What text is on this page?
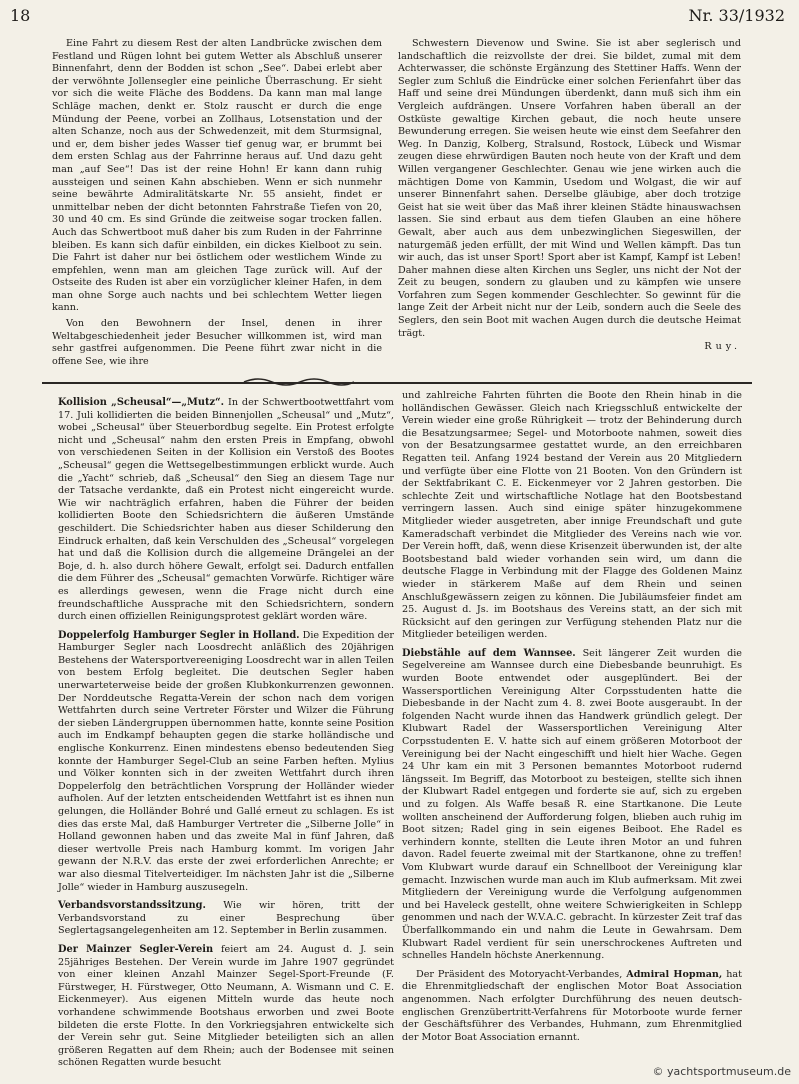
18	Nr. 33/1932

Eine Fahrt zu diesem Rest der alten Landbrücke zwischen dem Festland und Rügen lohnt bei gutem Wetter als Abschluß unserer Binnenfahrt, denn der Bodden ist schon „See“. Dabei erlebt aber der verwöhnte Jollensegler eine peinliche Überraschung. Er sieht vor sich die weite Fläche des Boddens. Da kann man mal lange Schläge machen, denkt er. Stolz rauscht er durch die enge Mündung der Peene, vorbei an Zollhaus, Lotsenstation und der alten Schanze, noch aus der Schwedenzeit, mit dem Sturmsignal, und er, dem bisher jedes Wasser tief genug war, er brummt bei dem ersten Schlag aus der Fahrrinne heraus auf. Und dazu geht man „auf See“! Das ist der reine Hohn! Er kann dann ruhig aussteigen und seinen Kahn abschieben. Wenn er sich nunmehr seine bewährte Admiralitätskarte Nr. 55 ansieht, findet er unmittelbar neben der dicht betonnten Fahrstraße Tiefen von 20, 30 und 40 cm. Es sind Gründe die zeitweise sogar trocken fallen. Auch das Schwertboot muß daher bis zum Ruden in der Fahrrinne bleiben. Es kann sich dafür einbilden, ein dickes Kielboot zu sein. Die Fahrt ist daher nur bei östlichem oder westlichem Winde zu empfehlen, wenn man am gleichen Tage zurück will. Auf der Ostseite des Ruden ist aber ein vorzüglicher kleiner Hafen, in dem man ohne Sorge auch nachts und bei schlechtem Wetter liegen kann.

Von den Bewohnern der Insel, denen in ihrer Weltabgeschiedenheit jeder Besucher willkommen ist, wird man sehr gastfrei aufgenommen. Die Peene führt zwar nicht in die offene See, wie ihre

Schwestern Dievenow und Swine. Sie ist aber seglerisch und landschaftlich die reizvollste der drei. Sie bildet, zumal mit dem Achterwasser, die schönste Ergänzung des Stettiner Haffs. Wenn der Segler zum Schluß die Eindrücke einer solchen Ferienfahrt über das Haff und seine drei Mündungen überdenkt, dann muß sich ihm ein Vergleich aufdrängen. Unsere Vorfahren haben überall an der Ostküste gewaltige Kirchen gebaut, die noch heute unsere Bewunderung erregen. Sie weisen heute wie einst dem Seefahrer den Weg. In Danzig, Kolberg, Stralsund, Rostock, Lübeck und Wismar zeugen diese ehrwürdigen Bauten noch heute von der Kraft und dem Willen vergangener Geschlechter. Genau wie jene wirken auch die mächtigen Dome von Kammin, Usedom und Wolgast, die wir auf unserer Binnenfahrt sahen. Derselbe gläubige, aber doch trotzige Geist hat sie weit über das Maß ihrer kleinen Städte hinauswachsen lassen. Sie sind erbaut aus dem tiefen Glauben an eine höhere Gewalt, aber auch aus dem unbezwinglichen Siegeswillen, der naturgemäß jeden erfüllt, der mit Wind und Wellen kämpft. Das tun wir auch, das ist unser Sport! Sport aber ist Kampf, Kampf ist Leben! Daher mahnen diese alten Kirchen uns Segler, uns nicht der Not der Zeit zu beugen, sondern zu glauben und zu kämpfen wie unsere Vorfahren zum Segen kommender Geschlechter. So gewinnt für die lange Zeit der Arbeit nicht nur der Leib, sondern auch die Seele des Seglers, den sein Boot mit wachen Augen durch die deutsche Heimat trägt.

Ruy.

Kollision „Scheusal“—„Mutz“. In der Schwertbootwettfahrt vom 17. Juli kollidierten die beiden Binnenjollen „Scheusal“ und „Mutz“, wobei „Scheusal“ über Steuerbordbug segelte. Ein Protest erfolgte nicht und „Scheusal“ nahm den ersten Preis in Empfang, obwohl von verschiedenen Seiten in der Kollision ein Verstoß des Bootes „Scheusal“ gegen die Wettsegelbestimmungen erblickt wurde. Auch die „Yacht“ schrieb, daß „Scheusal“ den Sieg an diesem Tage nur der Tatsache verdankte, daß ein Protest nicht eingereicht wurde. Wie wir nachträglich erfahren, haben die Führer der beiden kollidierten Boote den Schiedsrichtern die äußeren Umstände geschildert. Die Schiedsrichter haben aus dieser Schilderung den Eindruck erhalten, daß kein Verschulden des „Scheusal“ vorgelegen hat und daß die Kollision durch die allgemeine Drängelei an der Boje, d. h. also durch höhere Gewalt, erfolgt sei. Dadurch entfallen die dem Führer des „Scheusal“ gemachten Vorwürfe. Richtiger wäre es allerdings gewesen, wenn die Frage nicht durch eine freundschaftliche Aussprache mit den Schiedsrichtern, sondern durch einen offiziellen Reinigungsprotest geklärt worden wäre.

Doppelerfolg Hamburger Segler in Holland. Die Expedition der Hamburger Segler nach Loosdrecht anläßlich des 20jährigen Bestehens der Watersportvereeniging Loosdrecht war in allen Teilen von bestem Erfolg begleitet. Die deutschen Segler haben unerwarteterweise beide der großen Klubkonkurrenzen gewonnen. Der Norddeutsche Regatta-Verein der schon nach dem vorigen Wettfahrten durch seine Vertreter Förster und Wilzer die Führung der sieben Ländergruppen übernommen hatte, konnte seine Position auch im Endkampf behaupten gegen die starke holländische und englische Konkurrenz. Einen mindestens ebenso bedeutenden Sieg konnte der Hamburger Segel-Club an seine Farben heften. Mylius und Völker konnten sich in der zweiten Wettfahrt durch ihren Doppelerfolg den beträchtlichen Vorsprung der Holländer wieder aufholen. Auf der letzten entscheidenden Wettfahrt ist es ihnen nun gelungen, die Holländer Bohré und Gallé erneut zu schlagen. Es ist dies das erste Mal, daß Hamburger Vertreter die „Silberne Jolle“ in Holland gewonnen haben und das zweite Mal in fünf Jahren, daß dieser wertvolle Preis nach Hamburg kommt. Im vorigen Jahr gewann der N.R.V. das erste der zwei erforderlichen Anrechte; er war also diesmal Titelverteidiger. Im nächsten Jahr ist die „Silberne Jolle“ wieder in Hamburg auszusegeln.

Verbandsvorstandssitzung. Wie wir hören, tritt der Verbandsvorstand zu einer Besprechung über Seglertagsangelegenheiten am 12. September in Berlin zusammen.

Der Mainzer Segler-Verein feiert am 24. August d. J. sein 25jähriges Bestehen. Der Verein wurde im Jahre 1907 gegründet von einer kleinen Anzahl Mainzer Segel-Sport-Freunde (F. Fürstweger, H. Fürstweger, Otto Neumann, A. Wismann und C. E. Eickenmeyer). Aus eigenen Mitteln wurde das heute noch vorhandene schwimmende Bootshaus erworben und zwei Boote bildeten die erste Flotte. In den Vorkriegsjahren entwickelte sich der Verein sehr gut. Seine Mitglieder beteiligten sich an allen größeren Regatten auf dem Rhein; auch der Bodensee mit seinen schönen Regatten wurde besucht

und zahlreiche Fahrten führten die Boote den Rhein hinab in die holländischen Gewässer. Gleich nach Kriegsschluß entwickelte der Verein wieder eine große Rührigkeit — trotz der Behinderung durch die Besatzungsarmee; Segel- und Motorboote nahmen, soweit dies von der Besatzungsarmee gestattet wurde, an den erreichbaren Regatten teil. Anfang 1924 bestand der Verein aus 20 Mitgliedern und verfügte über eine Flotte von 21 Booten. Von den Gründern ist der Sektfabrikant C. E. Eickenmeyer vor 2 Jahren gestorben. Die schlechte Zeit und wirtschaftliche Notlage hat den Bootsbestand verringern lassen. Auch sind einige später hinzugekommene Mitglieder wieder ausgetreten, aber innige Freundschaft und gute Kameradschaft verbindet die Mitglieder des Vereins nach wie vor. Der Verein hofft, daß, wenn diese Krisenzeit überwunden ist, der alte Bootsbestand bald wieder vorhanden sein wird, um dann die deutsche Flagge in Verbindung mit der Flagge des Goldenen Mainz wieder in stärkerem Maße auf dem Rhein und seinen Anschlußgewässern zeigen zu können. Die Jubiläumsfeier findet am 25. August d. Js. im Bootshaus des Vereins statt, an der sich mit Rücksicht auf den geringen zur Verfügung stehenden Platz nur die Mitglieder beteiligen werden.

Diebstähle auf dem Wannsee. Seit längerer Zeit wurden die Segelvereine am Wannsee durch eine Diebesbande beunruhigt. Es wurden Boote entwendet oder ausgeplündert. Bei der Wassersportlichen Vereinigung Alter Corpsstudenten hatte die Diebesbande in der Nacht zum 4. 8. zwei Boote ausgeraubt. In der folgenden Nacht wurde ihnen das Handwerk gründlich gelegt. Der Klubwart Radel der Wassersportlichen Vereinigung Alter Corpsstudenten E. V. hatte sich auf einem größeren Motorboot der Vereinigung bei der Nacht eingeschifft und hielt hier Wache. Gegen 24 Uhr kam ein mit 3 Personen bemanntes Motorboot rudernd längsseit. Im Begriff, das Motorboot zu besteigen, stellte sich ihnen der Klubwart Radel entgegen und forderte sie auf, sich zu ergeben und zu folgen. Als Waffe besaß R. eine Startkanone. Die Leute wollten anscheinend der Aufforderung folgen, blieben auch ruhig im Boot sitzen; Radel ging in sein eigenes Beiboot. Ehe Radel es verhindern konnte, stellten die Leute ihren Motor an und fuhren davon. Radel feuerte zweimal mit der Startkanone, ohne zu treffen! Vom Klubwart wurde darauf ein Schnellboot der Vereinigung klar gemacht. Inzwischen wurde man auch im Klub aufmerksam. Mit zwei Mitgliedern der Vereinigung wurde die Verfolgung aufgenommen und bei Haveleck gestellt, ohne weitere Schwierigkeiten in Schlepp genommen und nach der W.V.A.C. gebracht. In kürzester Zeit traf das Überfallkommando ein und nahm die Leute in Gewahrsam. Dem Klubwart Radel verdient für sein unerschrockenes Auftreten und schnelles Handeln höchste Anerkennung.

Der Präsident des Motoryacht-Verbandes, Admiral Hopman, hat die Ehrenmitgliedschaft der englischen Motor Boat Association angenommen. Nach erfolgter Durchführung des neuen deutsch-englischen Grenzübertritt-Verfahrens für Motorboote wurde ferner der Geschäftsführer des Verbandes, Huhmann, zum Ehrenmitglied der Motor Boat Association ernannt.

© yachtsportmuseum.de
